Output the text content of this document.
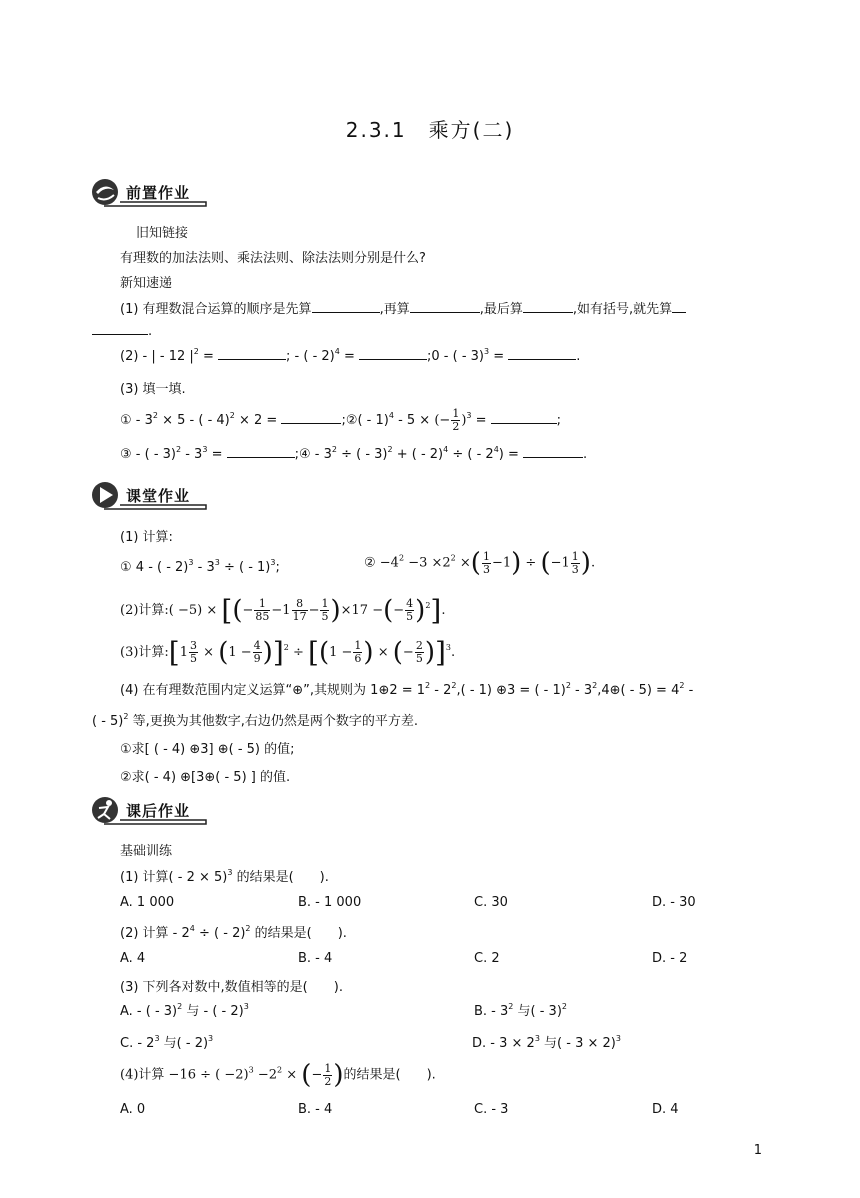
2.3.1　乘方(二)
前置作业
旧知链接
有理数的加法法则、乘法法则、除法法则分别是什么?
新知速递
(1) 有理数混合运算的顺序是先算	,再算	,最后算	,如有括号,就先算
.
(2) - | - 12 $|^2$ =	; - ( - 2)$^4$ =	;0 - ( - 3)$^3$ =	.
(3) 填一填.
① - $3^2 \times 5$ - ( - 4)$^2$ × 2 =	;②( - 1)$^4$ - 5 × (− $\frac{1}{2} )^3$ =	;
③ - ( - $3)^2 - 3^3$ =	;④ - $3^2$ ÷ ( - 3)$^2$ + ( - 2)$^4$ ÷ ( - $2^4$) =	.
课堂作业
(1) 计算:
① 4 - ( - $2)^3 - 3^3$ ÷ ( - 1)$^3$;	② $-4^2 -3 \times 2^2$ ×( $\frac{1}{3} -1) \div (-1 \frac{1}{3}$ ).
(2)计算:( −5) × [(− $\frac{1}{85} -1 \frac{8}{17} - \frac{1}{5} )\times 17$ −(− $\frac{4}{5} )^2$].
(3)计算:[1 $\frac{3}{5} \times (1 - \frac{4}{9} )]^2 \div [(1 - \frac{1}{6}$ ) × (− $\frac{2}{5} )]^3$.
(4) 在有理数范围内定义运算“⊕”,其规则为 1⊕2 = $1^2 - 2^2,( - 1)$ ⊕3 = ( - $1)^2 - 3^2,4\oplus( - 5) = 4^2$ -
( - 5)$^2$ 等,更换为其他数字,右边仍然是两个数字的平方差.
①求[ ( - 4) ⊕3] ⊕( - 5) 的值;
②求( - 4) ⊕[3⊕( - 5) ] 的值.
课后作业
基础训练
(1) 计算( - 2 × 5)$^3$ 的结果是(　　).
A. 1 000	B. - 1 000	C. 30	D. - 30
(2) 计算 - $2^4$ ÷ ( - 2)$^2$ 的结果是(　　).
A. 4	B. - 4	C. 2	D. - 2
(3) 下列各对数中,数值相等的是(　　).
A. - ( - 3)$^2$ 与 - ( - 2)$^3$	B. - $3^2$ 与( - 3)$^2$
C. - $2^3$ 与( - 2)$^3$	D. - $3 \times 2^3$ 与( - 3 × 2)$^3$
(4)计算 −16 ÷ ( $-2)^3 -2^2$ × (− $\frac{1}{2}$ )的结果是(　　).
A. 0	B. - 4	C. - 3	D. 4
1
